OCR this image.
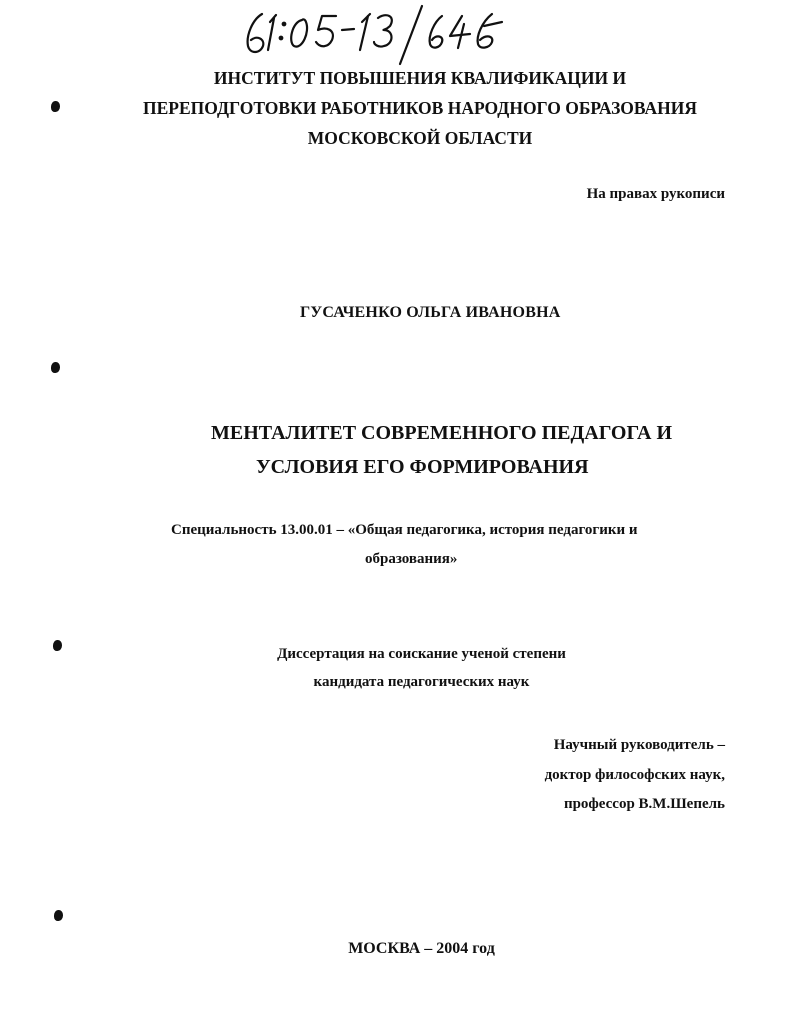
ИНСТИТУТ ПОВЫШЕНИЯ КВАЛИФИКАЦИИ И
ПЕРЕПОДГОТОВКИ РАБОТНИКОВ НАРОДНОГО ОБРАЗОВАНИЯ
МОСКОВСКОЙ ОБЛАСТИ
На правах рукописи
ГУСАЧЕНКО ОЛЬГА ИВАНОВНА
МЕНТАЛИТЕТ СОВРЕМЕННОГО ПЕДАГОГА И
УСЛОВИЯ ЕГО ФОРМИРОВАНИЯ
Специальность 13.00.01 – «Общая педагогика, история педагогики и
образования»
Диссертация на соискание ученой степени
кандидата педагогических наук
Научный руководитель –
доктор философских наук,
профессор В.М.Шепель
МОСКВА – 2004 год
